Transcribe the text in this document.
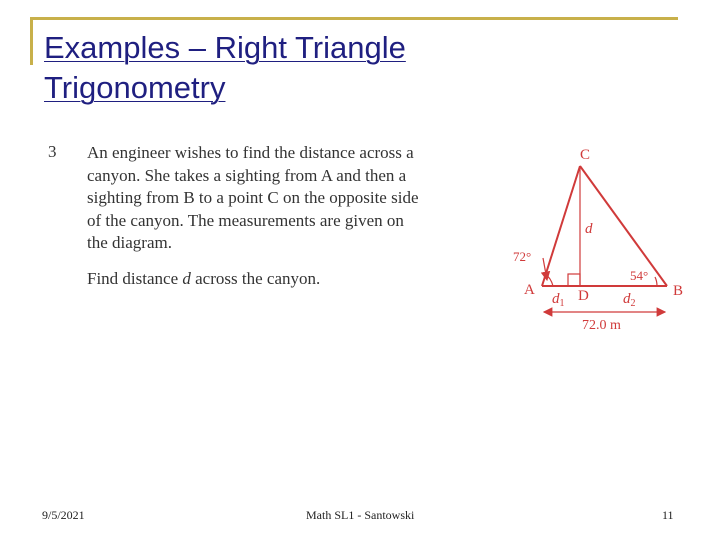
Examples – Right Triangle
Trigonometry
3 An engineer wishes to find the distance across a
canyon. She takes a sighting from A and then a
sighting from B to a point C on the opposite side
of the canyon. The measurements are given on
the diagram.
Find distance d across the canyon.
C
d
72°
54°
A
$d_1$ D $d_2$
B
72.0 m
9/5/2021	Math SL1 - Santowski	11
